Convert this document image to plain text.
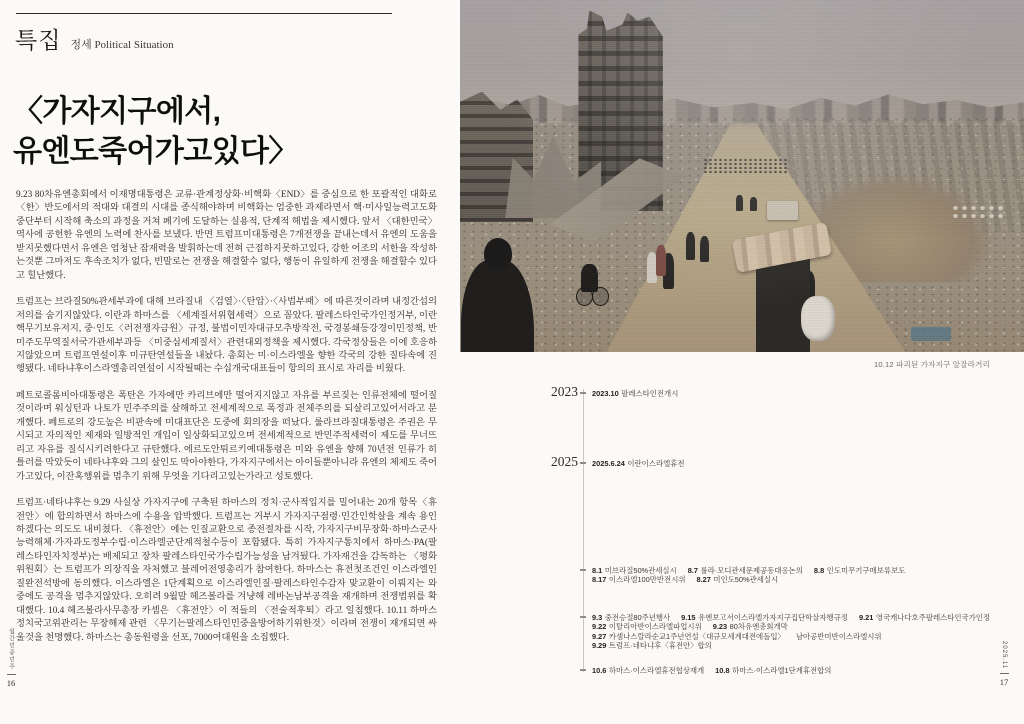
특집 정세 Political Situation
〈가자지구에서,
유엔도죽어가고있다〉

9.23 80차유엔총회에서 이재명대통령은 교류·관계정상화·비핵화〈END〉를 중심으로 한 포괄적인 대화로 〈한〉반도에서의 적대와 대결의 시대를 종식해야하며 비핵화는 엄중한 과제라면서 핵·미사일능력고도화중단부터 시작해 축소의 과정을 거쳐 폐기에 도달하는 실용적, 단계적 해법을 제시했다. 앞서 〈대한민국〉역사에 공헌한 유엔의 노력에 찬사를 보냈다. 반면 트럼프미대통령은 7개전쟁을 끝내는데서 유엔의 도움을 받지못했다면서 유엔은 엄청난 잠재력을 발휘하는데 전혀 근접하지못하고있다, 강한 어조의 서한을 작성하는것뿐 그마저도 후속조치가 없다, 빈말로는 전쟁을 해결할수 없다, 행동이 유일하게 전쟁을 해결할수 있다고 힐난했다.

트럼프는 브라질50%관세부과에 대해 브라질내 〈검열〉·〈탄압〉·〈사법부패〉에 따른것이라며 내정간섭의 저의를 숨기지않았다. 이란과 하마스를 〈세계질서위협세력〉으로 꼽았다. 팔레스타인국가인정거부, 이란핵무기보유저지, 중·인도〈러전쟁자금원〉규정, 불법이민자대규모추방작전, 국경봉쇄등강경이민정책, 반미주도무역질서국가관세부과등 〈미중심세계질서〉관련대외정책을 제시했다. 각국정상들은 이에 호응하지않았으며 트럼프연설이후 미규탄연설들을 내놨다. 총회는 미·이스라엘을 향한 각국의 강한 질타속에 진행됐다. 네타냐후이스라엘총리연설이 시작될때는 수십개국대표들이 항의의 표시로 자리를 비웠다.

페트로콜롬비아대통령은 폭탄은 가자에만 카리브에만 떨어지지않고 자유를 부르짖는 인류전체에 떨어질것이라며 워싱턴과 나토가 민주주의를 살해하고 전세계적으로 폭정과 전체주의를 되살리고있어서라고 분개했다. 페트로의 강도높은 비판속에 미대표단은 도중에 회의장을 떠났다. 룰라브라질대통령은 주권은 무시되고 자의적인 제재와 일방적인 개입이 일상화되고있으며 전세계적으로 반민주적세력이 제도를 무너뜨리고 자유를 질식시키려한다고 규탄했다. 에르도안튀르키예대통령은 미와 유엔을 향해 70년전 인류가 히틀러를 막았듯이 네타냐후와 그의 살인도 막아야한다, 가자지구에서는 아이들뿐아니라 유엔의 체제도 죽어가고있다, 이잔혹행위를 멈추기 위해 무엇을 기다리고있는가라고 성토했다.

트럼프·네타냐후는 9.29 사실상 가자지구에 구축된 하마스의 정치·군사적입지를 밀어내는 20개 항목〈휴전안〉에 합의하면서 하마스에 수용을 압박했다. 트럼프는 거부시 가자지구점령·민간인학살을 계속 용인하겠다는 의도도 내비쳤다. 〈휴전안〉에는 인질교환으로 종전절차를 시작, 가자지구비무장화·하마스군사능력해체·가자과도정부수립·이스라엘군단계적철수등이 포함됐다. 특히 가자지구통치에서 하마스·PA(팔레스타인자치정부)는 배제되고 장차 팔레스타인국가수립가능성을 남겨뒀다. 가자재건을 감독하는 〈평화위원회〉는 트럼프가 의장직을 자처했고 블레어전영총리가 참여한다. 하마스는 휴전첫조건인 이스라엘인질완전석방에 동의했다. 이스라엘은 1단계획으로 이스라엘인질·팔레스타인수감자 맞교환이 이뤄지는 와중에도 공격을 멈추지않았다. 오히려 9월말 헤즈볼라를 겨냥해 레바논남부공격을 재개하며 전쟁범위를 확대했다. 10.4 헤즈볼라사무총장 카셈은 〈휴전안〉이 적들의 〈전술적후퇴〉라고 일침했다. 10.11 하마스정치국고위관리는 무장해제 관련 〈무기는팔레스타인민중을방어하기위한것〉이라며 전쟁이 재개되면 싸울것을 천명했다. 하마스는 총동원령을 선포, 7000여대원을 소집했다.

월간민중민주
16
10.12 파괴된 가자지구 알잘라거리
2023 2023.10 팔레스타인전개시
2025 2025.6.24 이란이스라엘휴전
8.1 미브라질50%관세실시 8.7 룰라·모디관세문제공동대응논의 8.8 인도미무기구매보류보도
8.17 이스라엘100만반전시위 8.27 미인도50%관세실시
9.3 중전승절80주년행사 9.15 유엔보고서이스라엘가자지구집단학살자행규정 9.21 영국캐나다호주팔레스타인국가인정
9.22 이탈리아반이스라엘파업시위 9.23 80차유엔총회개막
9.27 카셈나스랄라순교1주년연설〈대규모세계대전에돌입〉 남아공반미반이스라엘시위
9.29 트럼프·네타냐후〈휴전안〉합의
10.6 하마스·이스라엘휴전협상재개 10.8 하마스·이스라엘1단계휴전합의
2025.11
17
